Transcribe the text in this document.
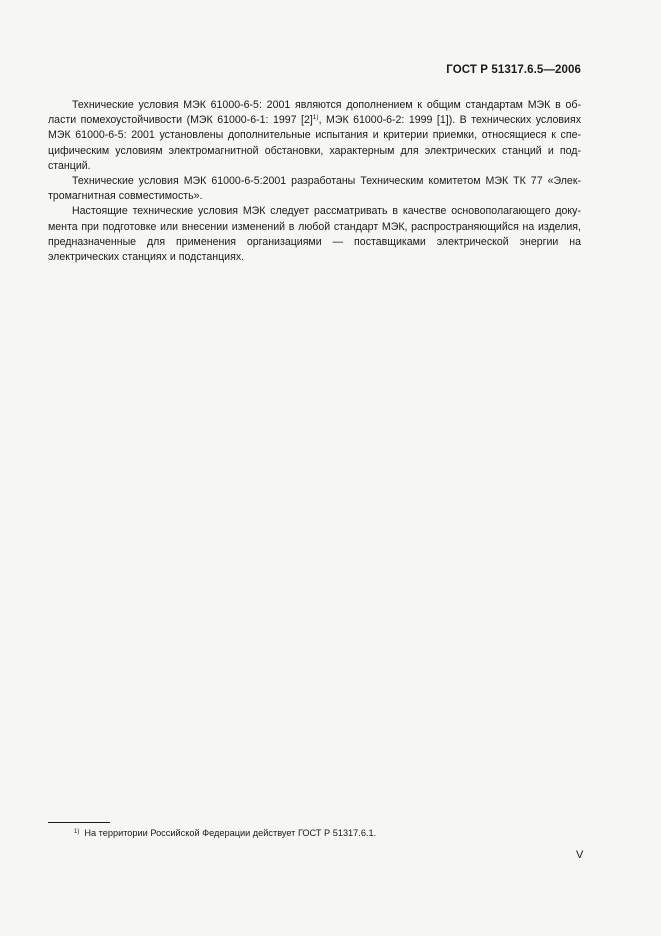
ГОСТ Р 51317.6.5—2006

Технические условия МЭК 61000-6-5: 2001 являются дополнением к общим стандартам МЭК в области помехоустойчивости (МЭК 61000-6-1: 1997 $[2]^{1)}$, МЭК 61000-6-2: 1999 [1]). В технических условиях МЭК 61000-6-5: 2001 установлены дополнительные испытания и критерии приемки, относящиеся к специфическим условиям электромагнитной обстановки, характерным для электрических станций и подстанций.

Технические условия МЭК 61000-6-5:2001 разработаны Техническим комитетом МЭК ТК 77 «Электромагнитная совместимость».

Настоящие технические условия МЭК следует рассматривать в качестве основополагающего документа при подготовке или внесении изменений в любой стандарт МЭК, распространяющийся на изделия, предназначенные для применения организациями — поставщиками электрической энергии на электрических станциях и подстанциях.

$^{1)}$ На территории Российской Федерации действует ГОСТ Р 51317.6.1.
V
